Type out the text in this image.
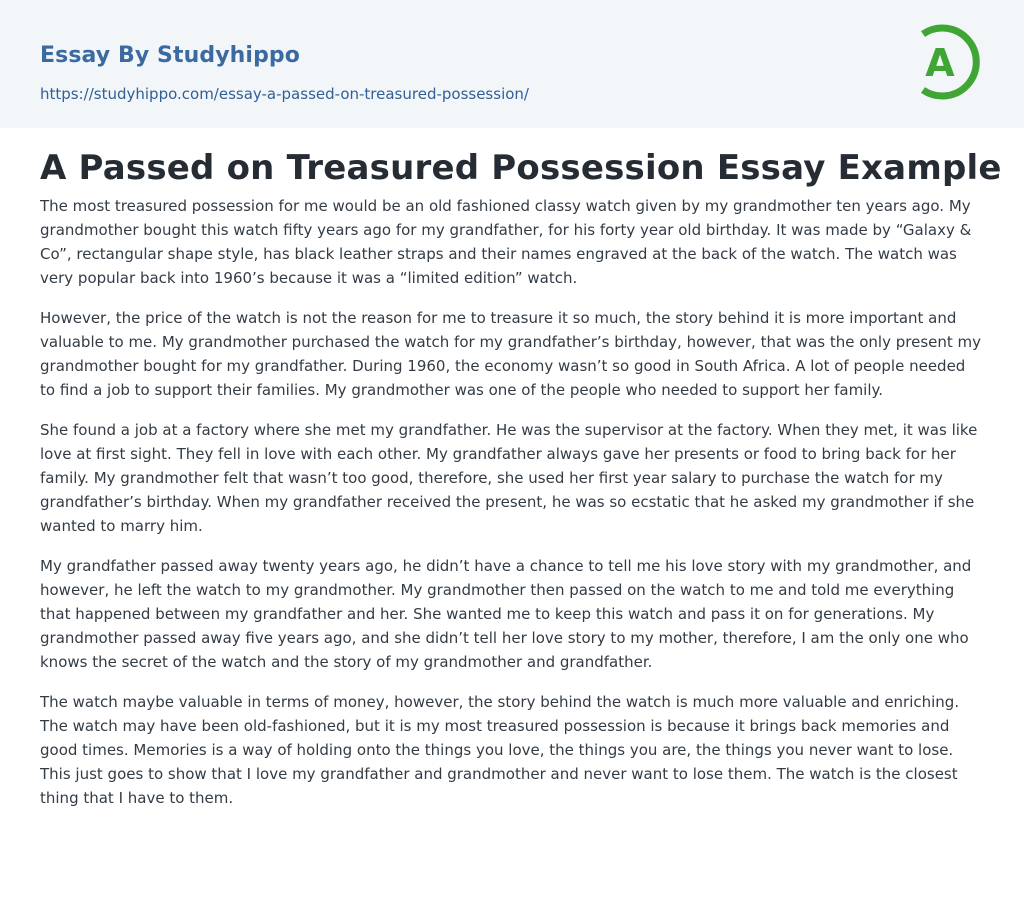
Essay By Studyhippo
https://studyhippo.com/essay-a-passed-on-treasured-possession/
A
A Passed on Treasured Possession Essay Example

The most treasured possession for me would be an old fashioned classy watch given by my grandmother ten years ago. My grandmother bought this watch fifty years ago for my grandfather, for his forty year old birthday. It was made by “Galaxy & Co”, rectangular shape style, has black leather straps and their names engraved at the back of the watch. The watch was very popular back into 1960’s because it was a “limited edition” watch.

However, the price of the watch is not the reason for me to treasure it so much, the story behind it is more important and valuable to me. My grandmother purchased the watch for my grandfather’s birthday, however, that was the only present my grandmother bought for my grandfather. During 1960, the economy wasn’t so good in South Africa. A lot of people needed to find a job to support their families. My grandmother was one of the people who needed to support her family.

She found a job at a factory where she met my grandfather. He was the supervisor at the factory. When they met, it was like love at first sight. They fell in love with each other. My grandfather always gave her presents or food to bring back for her family. My grandmother felt that wasn’t too good, therefore, she used her first year salary to purchase the watch for my grandfather’s birthday. When my grandfather received the present, he was so ecstatic that he asked my grandmother if she wanted to marry him.

My grandfather passed away twenty years ago, he didn’t have a chance to tell me his love story with my grandmother, and however, he left the watch to my grandmother. My grandmother then passed on the watch to me and told me everything that happened between my grandfather and her. She wanted me to keep this watch and pass it on for generations. My grandmother passed away five years ago, and she didn’t tell her love story to my mother, therefore, I am the only one who knows the secret of the watch and the story of my grandmother and grandfather.

The watch maybe valuable in terms of money, however, the story behind the watch is much more valuable and enriching. The watch may have been old-fashioned, but it is my most treasured possession is because it brings back memories and good times. Memories is a way of holding onto the things you love, the things you are, the things you never want to lose. This just goes to show that I love my grandfather and grandmother and never want to lose them. The watch is the closest thing that I have to them.
